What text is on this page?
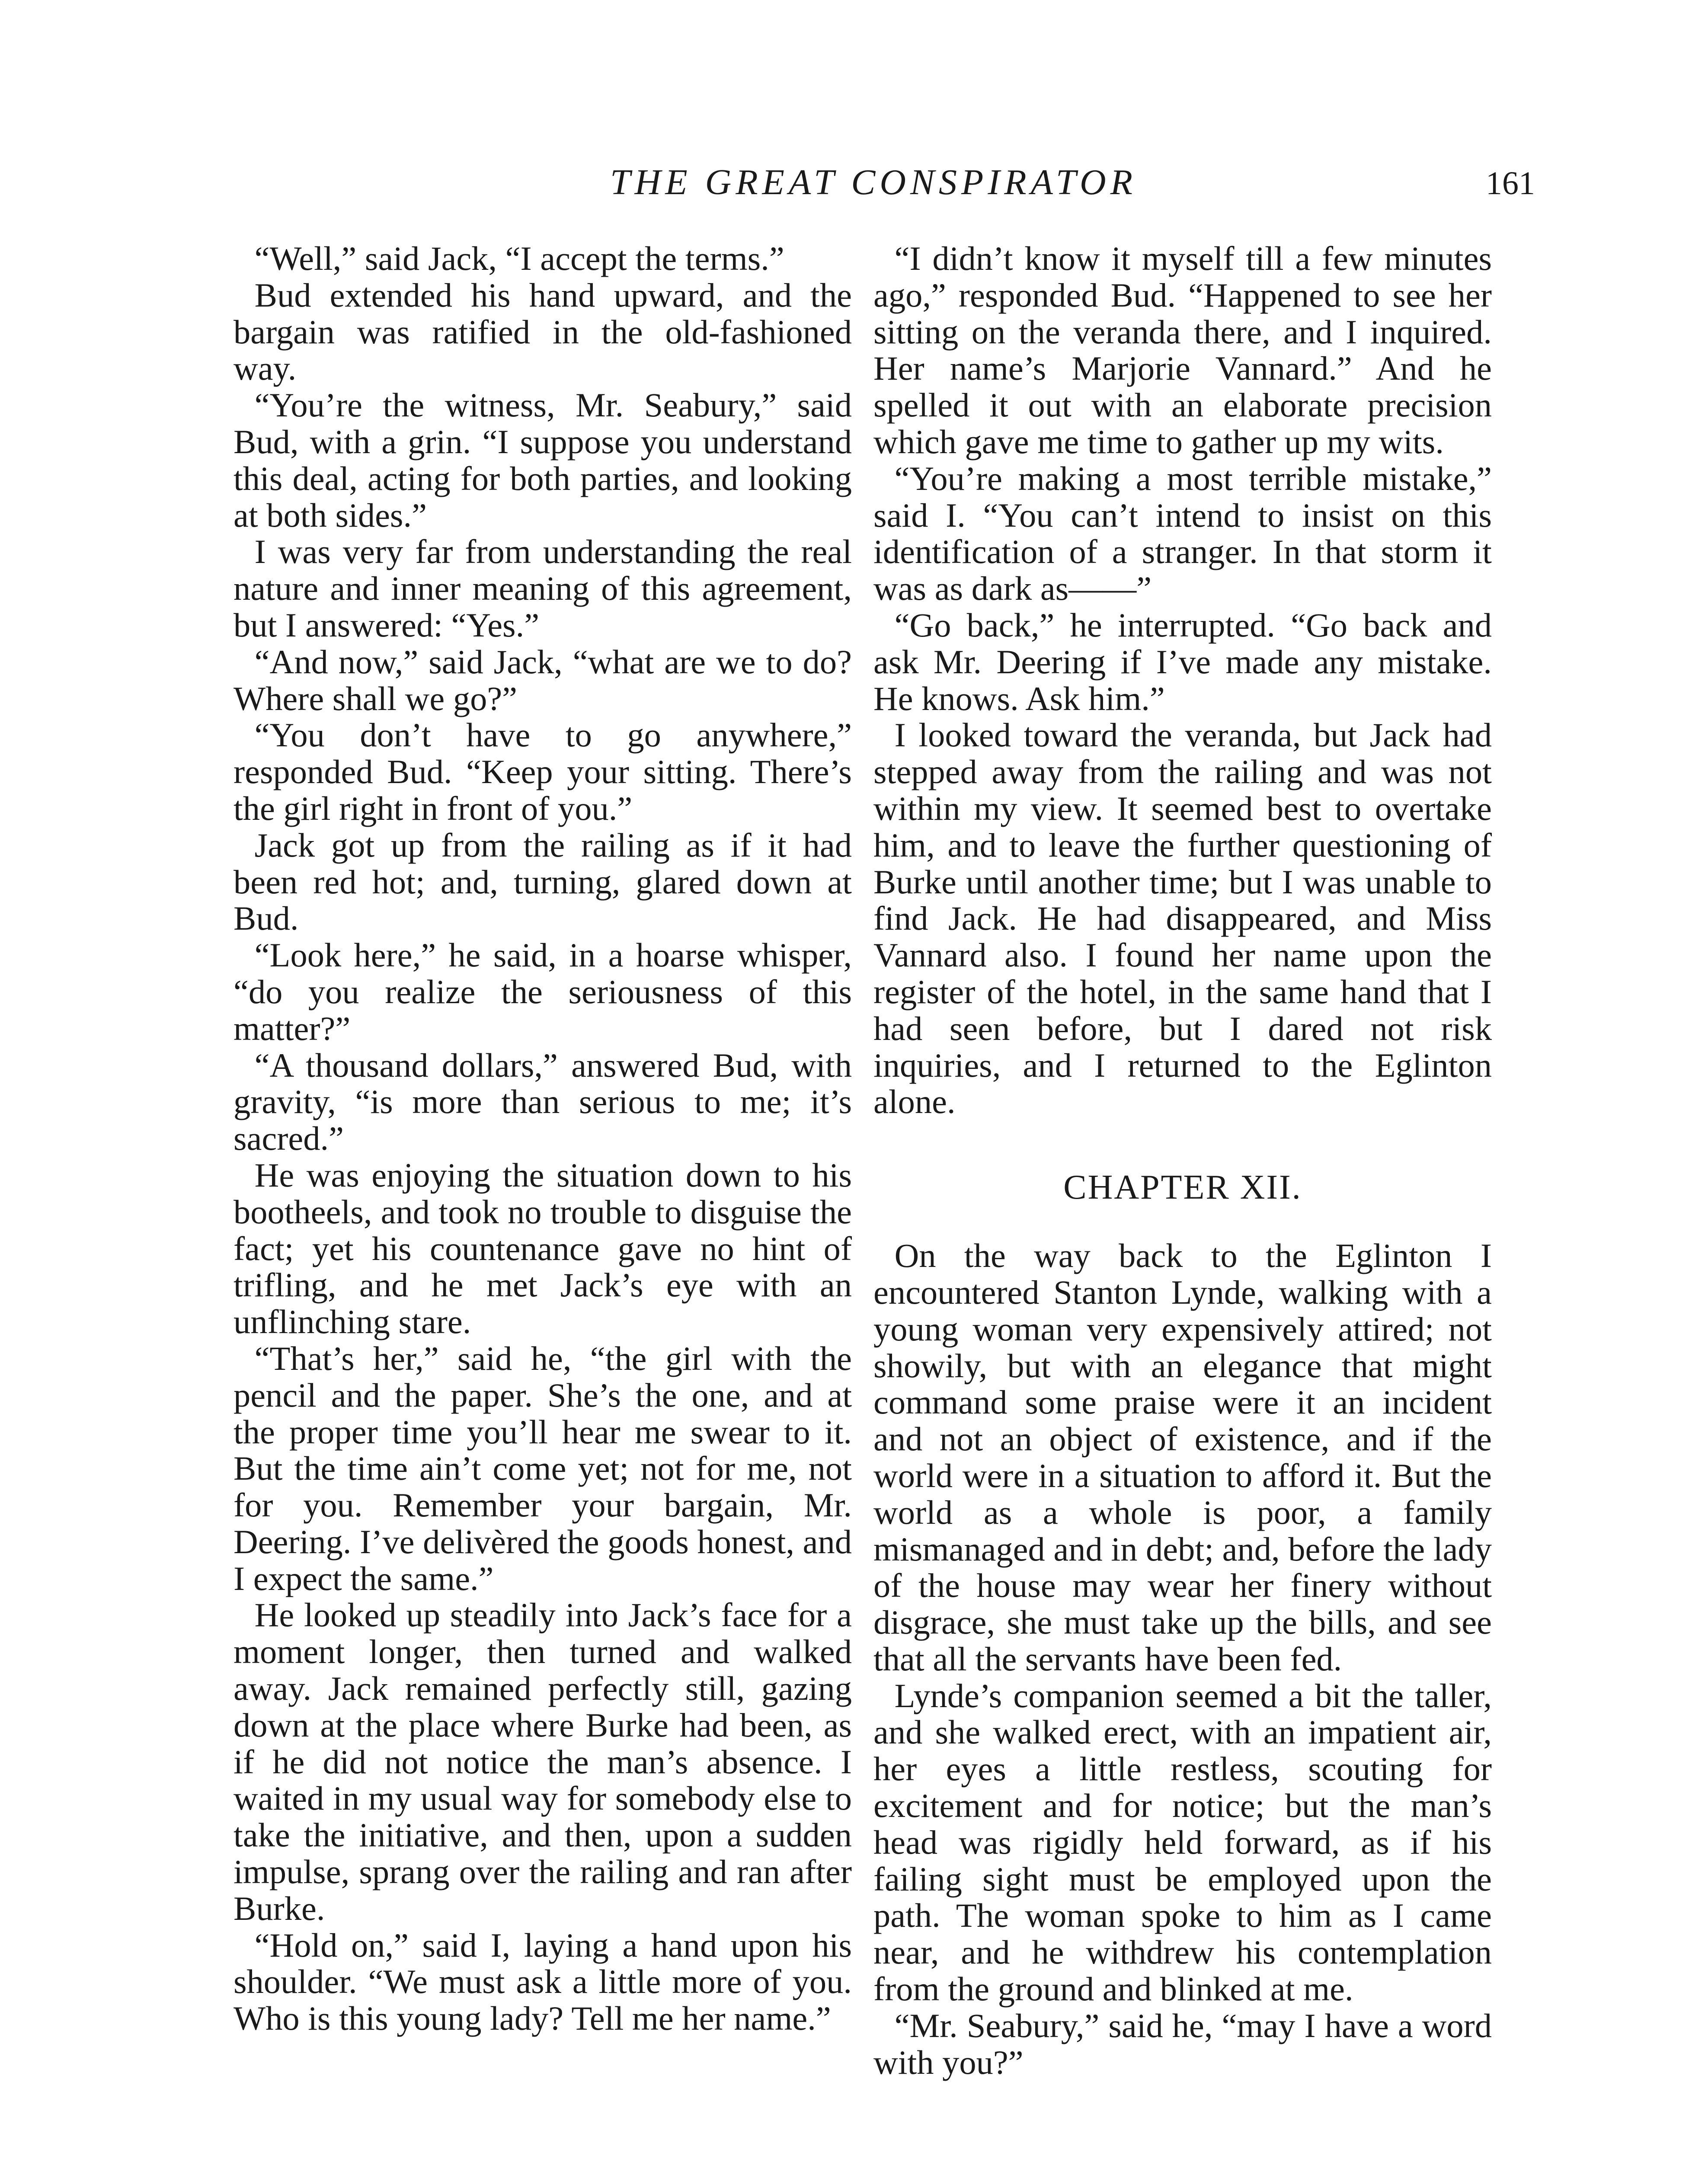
THE GREAT CONSPIRATOR	161

“Well,” said Jack, “I accept the terms.”

Bud extended his hand upward, and the bargain was ratified in the old-fashioned way.

“You’re the witness, Mr. Seabury,” said Bud, with a grin. “I suppose you understand this deal, acting for both parties, and looking at both sides.”

I was very far from understanding the real nature and inner meaning of this agreement, but I answered: “Yes.”

“And now,” said Jack, “what are we to do? Where shall we go?”

“You don’t have to go anywhere,” responded Bud. “Keep your sitting. There’s the girl right in front of you.”

Jack got up from the railing as if it had been red hot; and, turning, glared down at Bud.

“Look here,” he said, in a hoarse whisper, “do you realize the seriousness of this matter?”

“A thousand dollars,” answered Bud, with gravity, “is more than serious to me; it’s sacred.”

He was enjoying the situation down to his bootheels, and took no trouble to disguise the fact; yet his countenance gave no hint of trifling, and he met Jack’s eye with an unflinching stare.

“That’s her,” said he, “the girl with the pencil and the paper. She’s the one, and at the proper time you’ll hear me swear to it. But the time ain’t come yet; not for me, not for you. Remember your bargain, Mr. Deering. I’ve delivèred the goods honest, and I expect the same.”

He looked up steadily into Jack’s face for a moment longer, then turned and walked away. Jack remained perfectly still, gazing down at the place where Burke had been, as if he did not notice the man’s absence. I waited in my usual way for somebody else to take the initiative, and then, upon a sudden impulse, sprang over the railing and ran after Burke.

“Hold on,” said I, laying a hand upon his shoulder. “We must ask a little more of you. Who is this young lady? Tell me her name.”

“I didn’t know it myself till a few minutes ago,” responded Bud. “Happened to see her sitting on the veranda there, and I inquired. Her name’s Marjorie Vannard.” And he spelled it out with an elaborate precision which gave me time to gather up my wits.

“You’re making a most terrible mistake,” said I. “You can’t intend to insist on this identification of a stranger. In that storm it was as dark as——”

“Go back,” he interrupted. “Go back and ask Mr. Deering if I’ve made any mistake. He knows. Ask him.”

I looked toward the veranda, but Jack had stepped away from the railing and was not within my view. It seemed best to overtake him, and to leave the further questioning of Burke until another time; but I was unable to find Jack. He had disappeared, and Miss Vannard also. I found her name upon the register of the hotel, in the same hand that I had seen before, but I dared not risk inquiries, and I returned to the Eglinton alone.

CHAPTER XII.

On the way back to the Eglinton I encountered Stanton Lynde, walking with a young woman very expensively attired; not showily, but with an elegance that might command some praise were it an incident and not an object of existence, and if the world were in a situation to afford it. But the world as a whole is poor, a family mismanaged and in debt; and, before the lady of the house may wear her finery without disgrace, she must take up the bills, and see that all the servants have been fed.

Lynde’s companion seemed a bit the taller, and she walked erect, with an impatient air, her eyes a little restless, scouting for excitement and for notice; but the man’s head was rigidly held forward, as if his failing sight must be employed upon the path. The woman spoke to him as I came near, and he withdrew his contemplation from the ground and blinked at me.

“Mr. Seabury,” said he, “may I have a word with you?”
